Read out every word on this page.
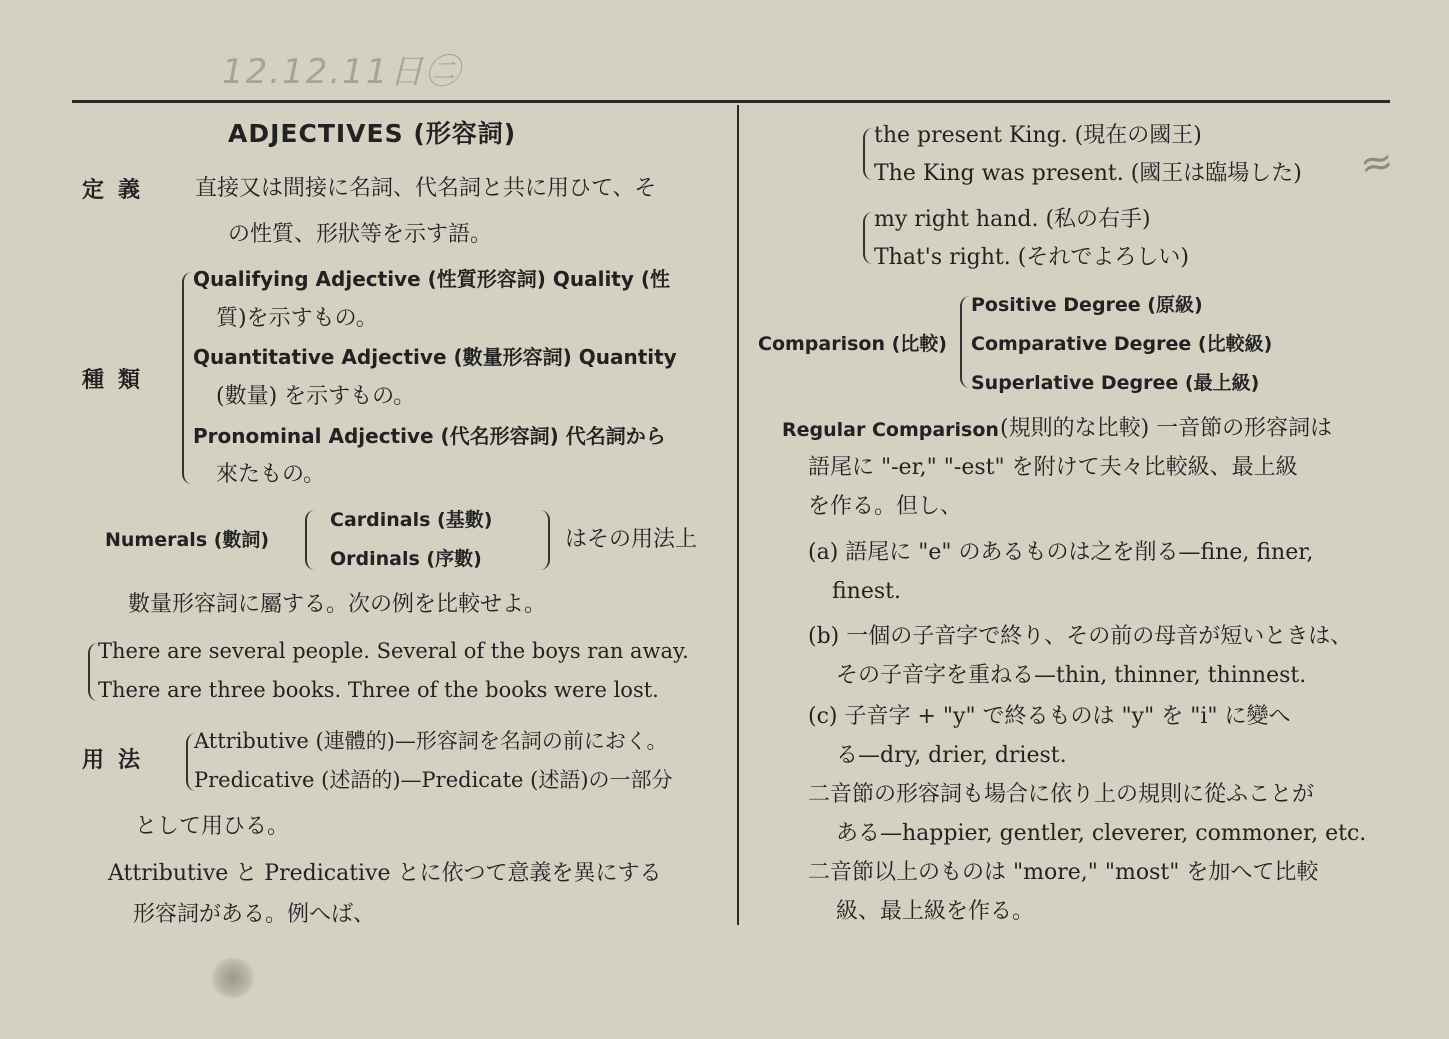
12.12.11日㊁
≈
ADJECTIVES (形容詞)
定義 直接又は間接に名詞、代名詞と共に用ひて、そ
の性質、形狀等を示す語。
種類
Qualifying Adjective (性質形容詞) Quality (性
質)を示すもの。
Quantitative Adjective (數量形容詞) Quantity
(數量) を示すもの。
Pronominal Adjective (代名形容詞) 代名詞から
來たもの。
Numerals (數詞)
Cardinals (基數)
Ordinals (序數)
はその用法上
數量形容詞に屬する。次の例を比較せよ。
There are several people. Several of the boys ran away.
There are three books. Three of the books were lost.
用法
Attributive (連體的)—形容詞を名詞の前におく。
Predicative (述語的)—Predicate (述語)の一部分
として用ひる。
Attributive と Predicative とに依つて意義を異にする
形容詞がある。例へば、
the present King. (現在の國王)
The King was present. (國王は臨場した)
my right hand. (私の右手)
That's right. (それでよろしい)
Comparison (比較)
Positive Degree (原級)
Comparative Degree (比較級)
Superlative Degree (最上級)
Regular Comparison (規則的な比較) 一音節の形容詞は
語尾に "-er," "-est" を附けて夫々比較級、最上級
を作る。但し、
(a) 語尾に "e" のあるものは之を削る—fine, finer,
finest.
(b) 一個の子音字で終り、その前の母音が短いときは、
その子音字を重ねる—thin, thinner, thinnest.
(c) 子音字 + "y" で終るものは "y" を "i" に變へ
る—dry, drier, driest.
二音節の形容詞も場合に依り上の規則に從ふことが
ある—happier, gentler, cleverer, commoner, etc.
二音節以上のものは "more," "most" を加へて比較
級、最上級を作る。
